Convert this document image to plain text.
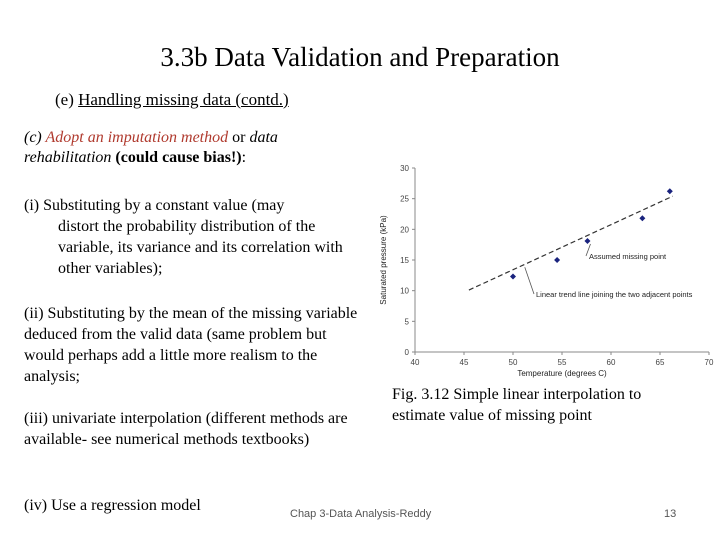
3.3b Data Validation and Preparation
(e) Handling missing data (contd.)
(c) Adopt an imputation method or data rehabilitation (could cause bias!):
(i) Substituting by a constant value (may
distort the probability distribution of the variable, its variance and its correlation with other variables);
(ii) Substituting by the mean of the missing variable deduced from the valid data (same problem but would perhaps add a little more realism to the analysis;
(iii) univariate interpolation (different methods are available- see numerical methods textbooks)
(iv) Use a regression model
40	45	50	55	60	65	70
0
5
10
15
20
25
30
Assumed missing point
Linear trend line joining the two adjacent points
Temperature (degrees C)
Saturated pressure (kPa)
Fig. 3.12 Simple linear interpolation to estimate value of missing point
Chap 3-Data Analysis-Reddy	13
